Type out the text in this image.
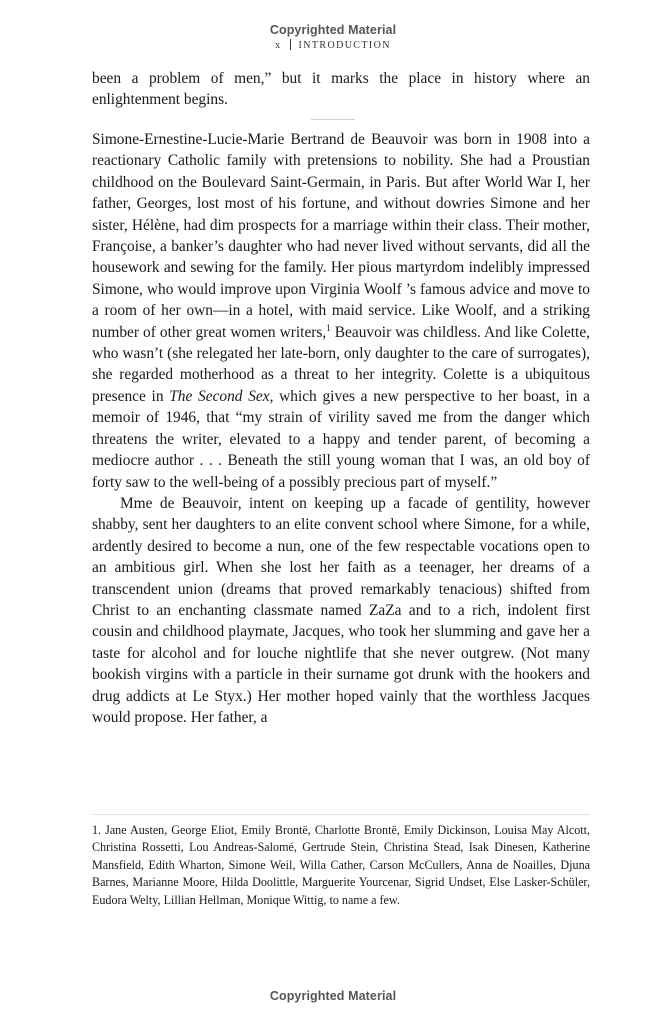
Copyrighted Material
x INTRODUCTION

been a problem of men,” but it marks the place in history where an enlightenment begins.

Simone-Ernestine-Lucie-Marie Bertrand de Beauvoir was born in 1908 into a reactionary Catholic family with pretensions to nobility. She had a Proustian childhood on the Boulevard Saint-Germain, in Paris. But after World War I, her father, Georges, lost most of his fortune, and without dowries Simone and her sister, Hélène, had dim prospects for a marriage within their class. Their mother, Françoise, a banker’s daughter who had never lived without servants, did all the housework and sewing for the family. Her pious martyrdom indelibly impressed Simone, who would improve upon Virginia Woolf ’s famous advice and move to a room of her own—in a hotel, with maid service. Like Woolf, and a striking number of other great women writers,$^1$ Beauvoir was childless. And like Colette, who wasn’t (she relegated her late-born, only daughter to the care of surrogates), she regarded motherhood as a threat to her integrity. Colette is a ubiquitous presence in The Second Sex, which gives a new perspective to her boast, in a memoir of 1946, that “my strain of virility saved me from the danger which threatens the writer, elevated to a happy and tender parent, of becoming a mediocre author . . . Beneath the still young woman that I was, an old boy of forty saw to the well-being of a possibly precious part of myself.”

Mme de Beauvoir, intent on keeping up a facade of gentility, however shabby, sent her daughters to an elite convent school where Simone, for a while, ardently desired to become a nun, one of the few respectable vocations open to an ambitious girl. When she lost her faith as a teenager, her dreams of a transcendent union (dreams that proved remarkably tenacious) shifted from Christ to an enchanting classmate named ZaZa and to a rich, indolent first cousin and childhood playmate, Jacques, who took her slumming and gave her a taste for alcohol and for louche nightlife that she never outgrew. (Not many bookish virgins with a particle in their surname got drunk with the hookers and drug addicts at Le Styx.) Her mother hoped vainly that the worthless Jacques would propose. Her father, a

1. Jane Austen, George Eliot, Emily Brontë, Charlotte Brontë, Emily Dickinson, Louisa May Alcott, Christina Rossetti, Lou Andreas-Salomé, Gertrude Stein, Christina Stead, Isak Dinesen, Katherine Mansfield, Edith Wharton, Simone Weil, Willa Cather, Carson McCullers, Anna de Noailles, Djuna Barnes, Marianne Moore, Hilda Doolittle, Marguerite Yourcenar, Sigrid Undset, Else Lasker-Schüler, Eudora Welty, Lillian Hellman, Monique Wittig, to name a few.

Copyrighted Material
